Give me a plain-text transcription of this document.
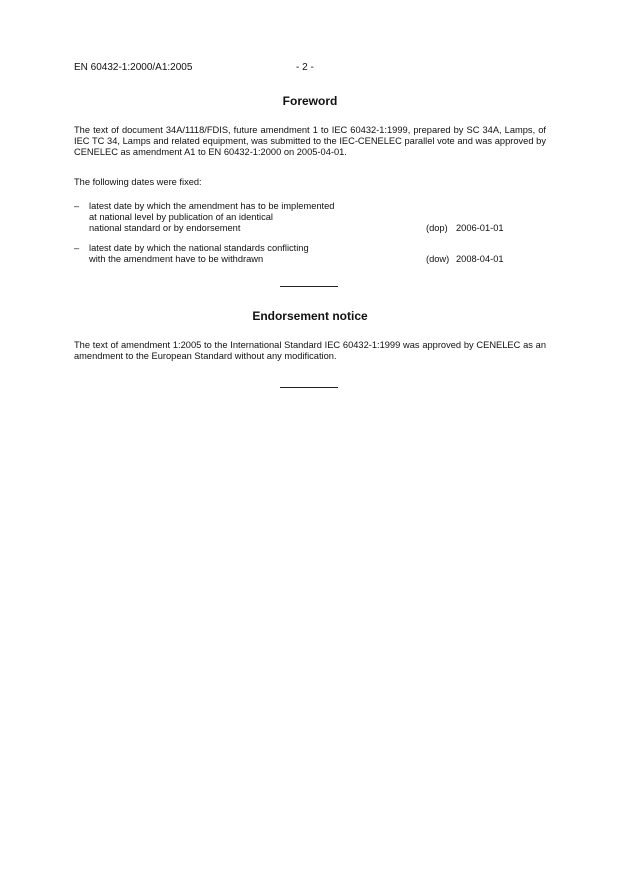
EN 60432-1:2000/A1:2005	- 2 -
Foreword
The text of document 34A/1118/FDIS, future amendment 1 to IEC 60432-1:1999, prepared by SC 34A, Lamps, of IEC TC 34, Lamps and related equipment, was submitted to the IEC-CENELEC parallel vote and was approved by CENELEC as amendment A1 to EN 60432-1:2000 on 2005-04-01.
The following dates were fixed:
– latest date by which the amendment has to be implemented
at national level by publication of an identical
national standard or by endorsement	(dop) 2006-01-01
– latest date by which the national standards conflicting
with the amendment have to be withdrawn	(dow) 2008-04-01
Endorsement notice
The text of amendment 1:2005 to the International Standard IEC 60432-1:1999 was approved by CENELEC as an amendment to the European Standard without any modification.
